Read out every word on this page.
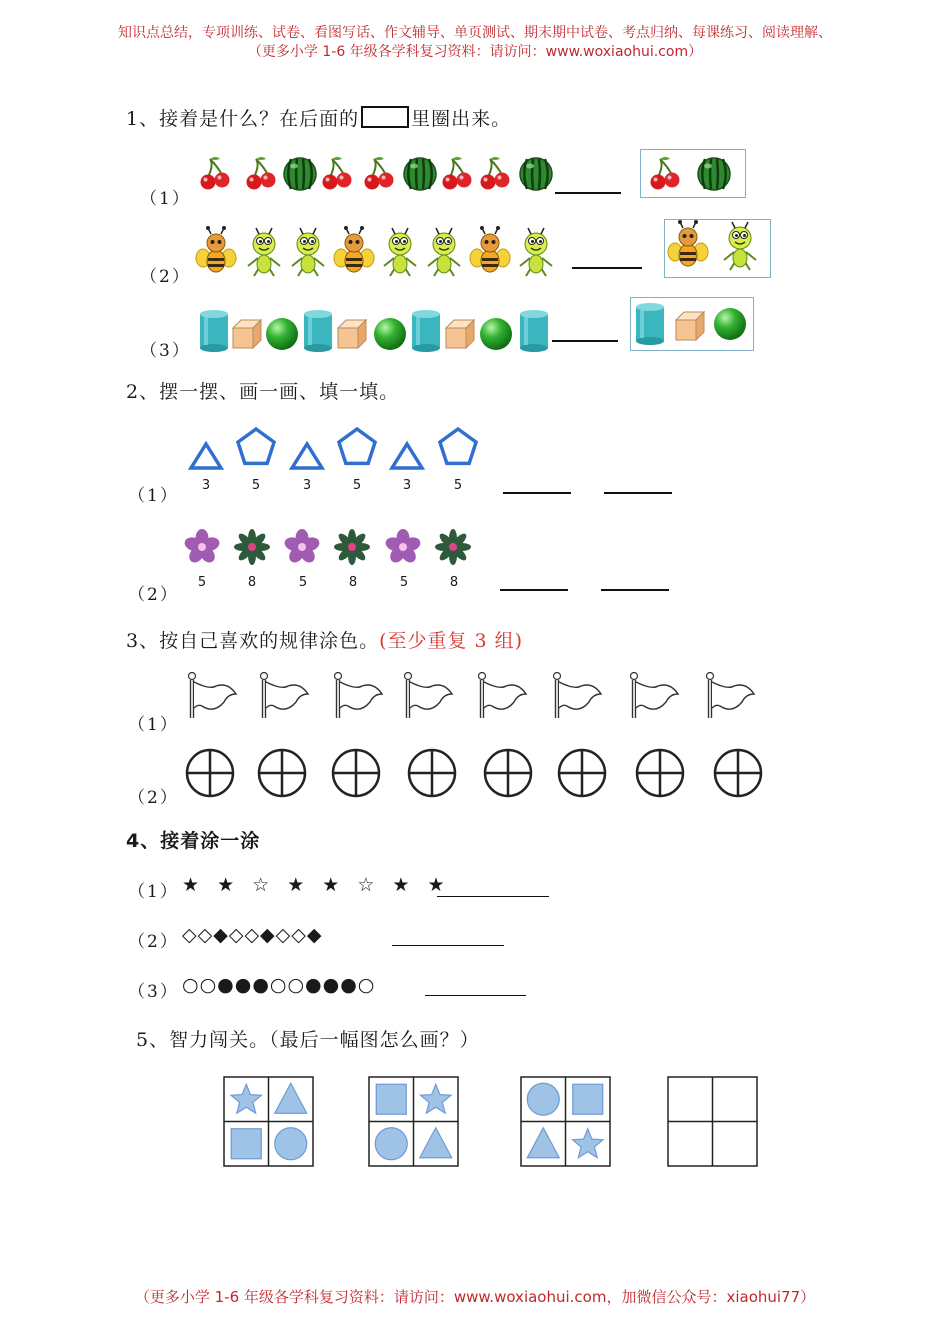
知识点总结，专项训练、试卷、看图写话、作文辅导、单页测试、期末期中试卷、考点归纳、每课练习、阅读理解、
（更多小学 1-6 年级各学科复习资料：请访问：www.woxiaohui.com）
1、接着是什么？在后面的	里圈出来。
（1）
（2）
（3）
2、摆一摆、画一画、填一填。
（1）
（2）
3	5	3	5	3	5
5	8	5	8	5	8
3、按自己喜欢的规律涂色。(至少重复 3 组)
（1）
（2）
4、接着涂一涂
（1）
（2）
（3）
★ ★ ☆ ★ ★ ☆ ★ ★
◇◇◆◇◇◆◇◇◆
○○●●●○○●●●○
5、智力闯关。（最后一幅图怎么画？）
（更多小学 1-6 年级各学科复习资料：请访问：www.woxiaohui.com，加微信公众号：xiaohui77）
